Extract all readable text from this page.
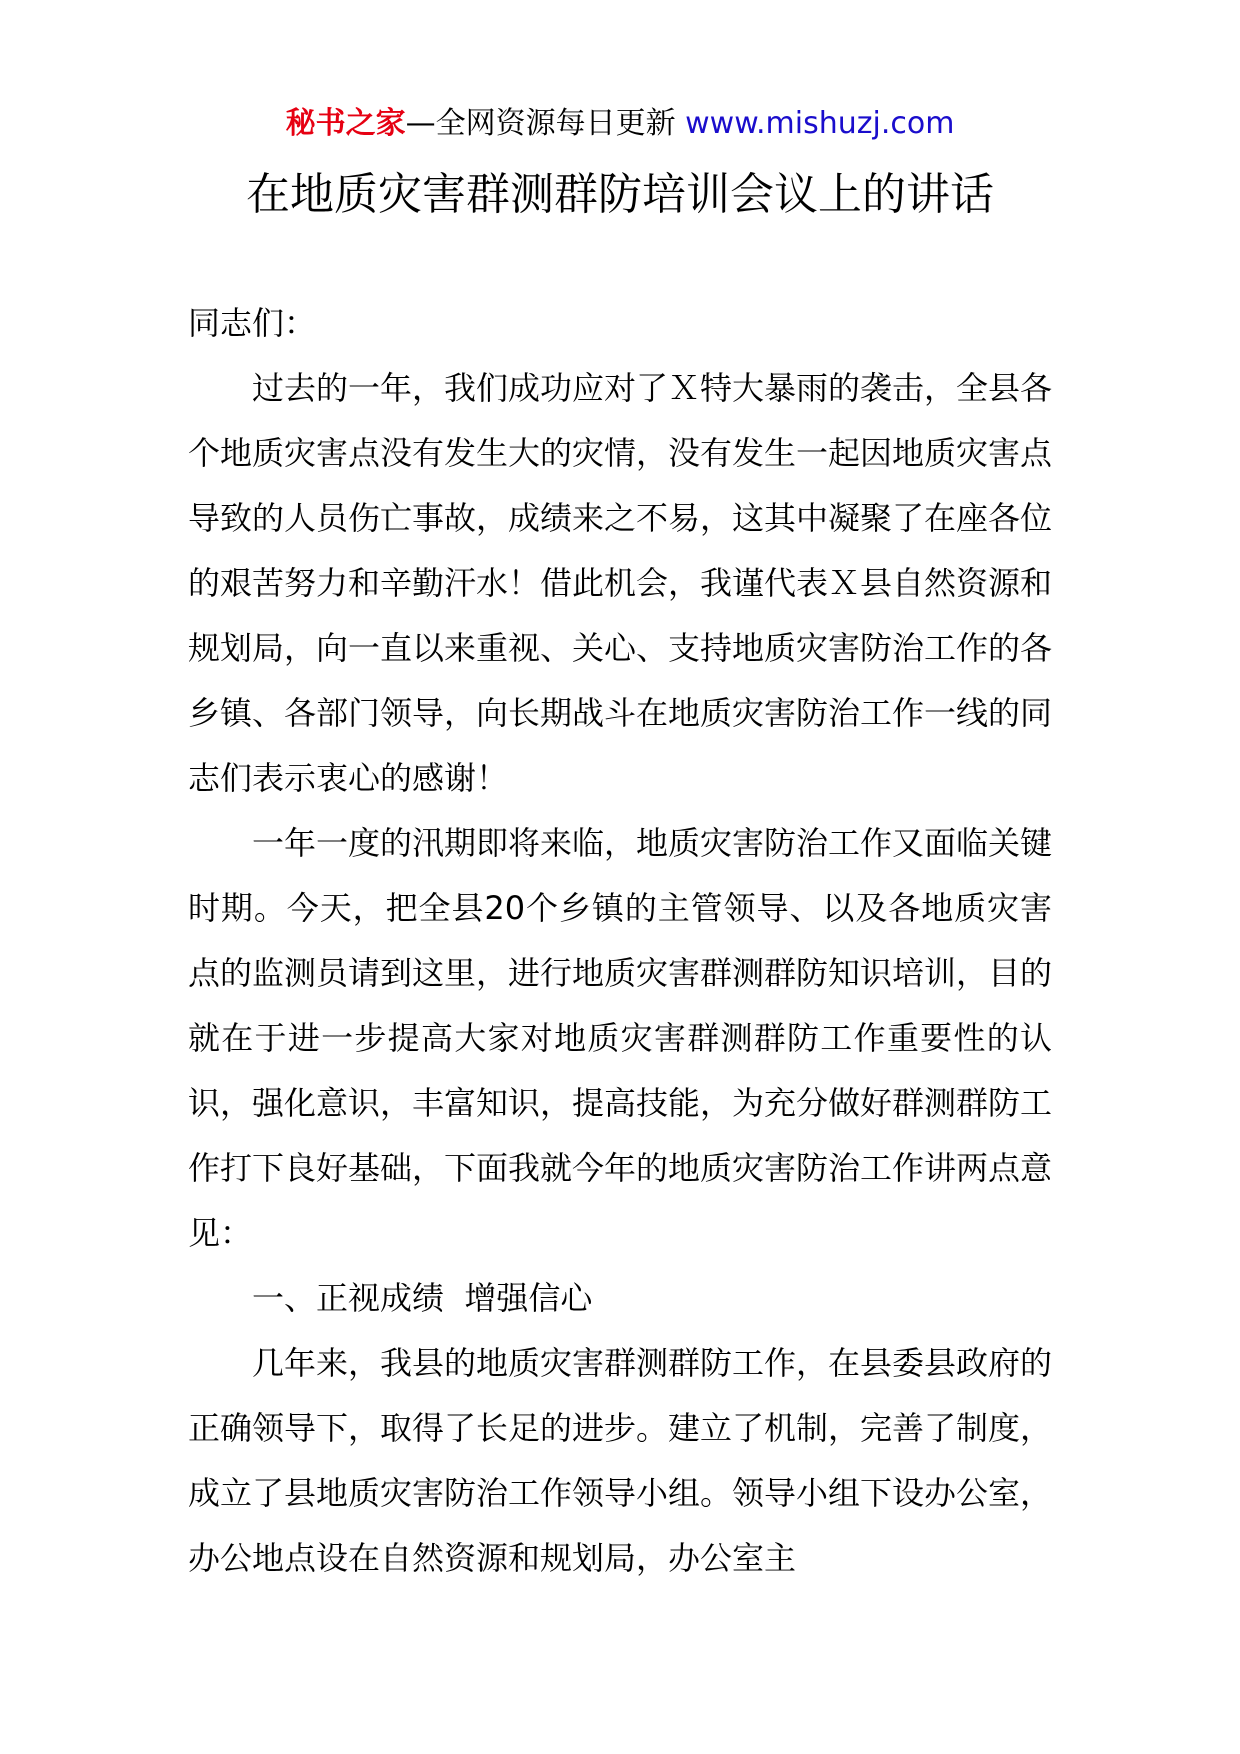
秘书之家—全网资源每日更新 www.mishuzj.com
在地质灾害群测群防培训会议上的讲话

同志们：

过去的一年，我们成功应对了Ｘ特大暴雨的袭击，全县各个地质灾害点没有发生大的灾情，没有发生一起因地质灾害点导致的人员伤亡事故，成绩来之不易，这其中凝聚了在座各位的艰苦努力和辛勤汗水！借此机会，我谨代表Ｘ县自然资源和规划局，向一直以来重视、关心、支持地质灾害防治工作的各乡镇、各部门领导，向长期战斗在地质灾害防治工作一线的同志们表示衷心的感谢！

一年一度的汛期即将来临，地质灾害防治工作又面临关键时期。今天，把全县20个乡镇的主管领导、以及各地质灾害点的监测员请到这里，进行地质灾害群测群防知识培训，目的就在于进一步提高大家对地质灾害群测群防工作重要性的认识，强化意识，丰富知识，提高技能，为充分做好群测群防工作打下良好基础，下面我就今年的地质灾害防治工作讲两点意见：

一、正视成绩  增强信心

几年来，我县的地质灾害群测群防工作，在县委县政府的正确领导下，取得了长足的进步。建立了机制，完善了制度，成立了县地质灾害防治工作领导小组。领导小组下设办公室，办公地点设在自然资源和规划局，办公室主
